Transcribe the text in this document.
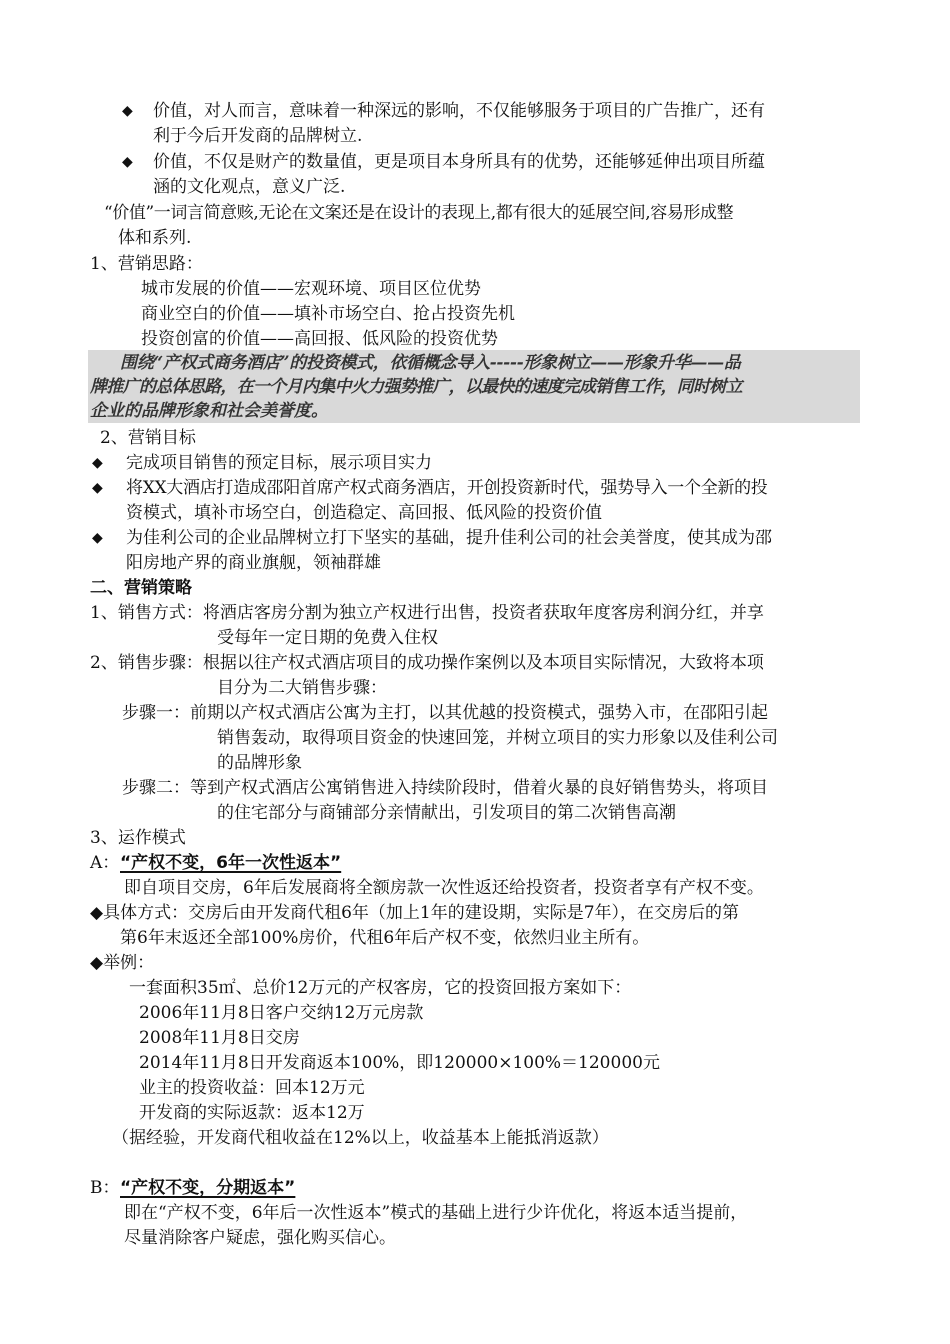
◆ 价值，对人而言，意味着一种深远的影响，不仅能够服务于项目的广告推广，还有
利于今后开发商的品牌树立.
◆ 价值，不仅是财产的数量值，更是项目本身所具有的优势，还能够延伸出项目所蕴
涵的文化观点，意义广泛.
“价值”一词言简意赅,无论在文案还是在设计的表现上,都有很大的延展空间,容易形成整
体和系列.
1、营销思路：
城市发展的价值——宏观环境、项目区位优势
商业空白的价值——填补市场空白、抢占投资先机
投资创富的价值——高回报、低风险的投资优势
围绕“产权式商务酒店”的投资模式，依循概念导入-----形象树立——形象升华——品
牌推广的总体思路，在一个月内集中火力强势推广，以最快的速度完成销售工作，同时树立
企业的品牌形象和社会美誉度。
2、营销目标
◆ 完成项目销售的预定目标，展示项目实力
◆ 将XX大酒店打造成邵阳首席产权式商务酒店，开创投资新时代，强势导入一个全新的投
资模式，填补市场空白，创造稳定、高回报、低风险的投资价值
◆ 为佳利公司的企业品牌树立打下坚实的基础，提升佳利公司的社会美誉度，使其成为邵
阳房地产界的商业旗舰，领袖群雄
二、营销策略
1、销售方式：将酒店客房分割为独立产权进行出售，投资者获取年度客房利润分红，并享
受每年一定日期的免费入住权
2、销售步骤：根据以往产权式酒店项目的成功操作案例以及本项目实际情况，大致将本项
目分为二大销售步骤：
步骤一：前期以产权式酒店公寓为主打，以其优越的投资模式，强势入市，在邵阳引起
销售轰动，取得项目资金的快速回笼，并树立项目的实力形象以及佳利公司
的品牌形象
步骤二：等到产权式酒店公寓销售进入持续阶段时，借着火暴的良好销售势头，将项目
的住宅部分与商铺部分亲情献出，引发项目的第二次销售高潮
3、运作模式
A： “产权不变，6年一次性返本”
即自项目交房，6年后发展商将全额房款一次性返还给投资者，投资者享有产权不变。
◆具体方式：交房后由开发商代租6年（加上1年的建设期，实际是7年），在交房后的第
第6年末返还全部100%房价，代租6年后产权不变，依然归业主所有。
◆举例：
一套面积35㎡、总价12万元的产权客房，它的投资回报方案如下：
2006年11月8日客户交纳12万元房款
2008年11月8日交房
2014年11月8日开发商返本100%，即120000×100%＝120000元
业主的投资收益：回本12万元
开发商的实际返款：返本12万
（据经验，开发商代租收益在12%以上，收益基本上能抵消返款）
B： “产权不变，分期返本”
即在“产权不变，6年后一次性返本”模式的基础上进行少许优化，将返本适当提前，
尽量消除客户疑虑，强化购买信心。
